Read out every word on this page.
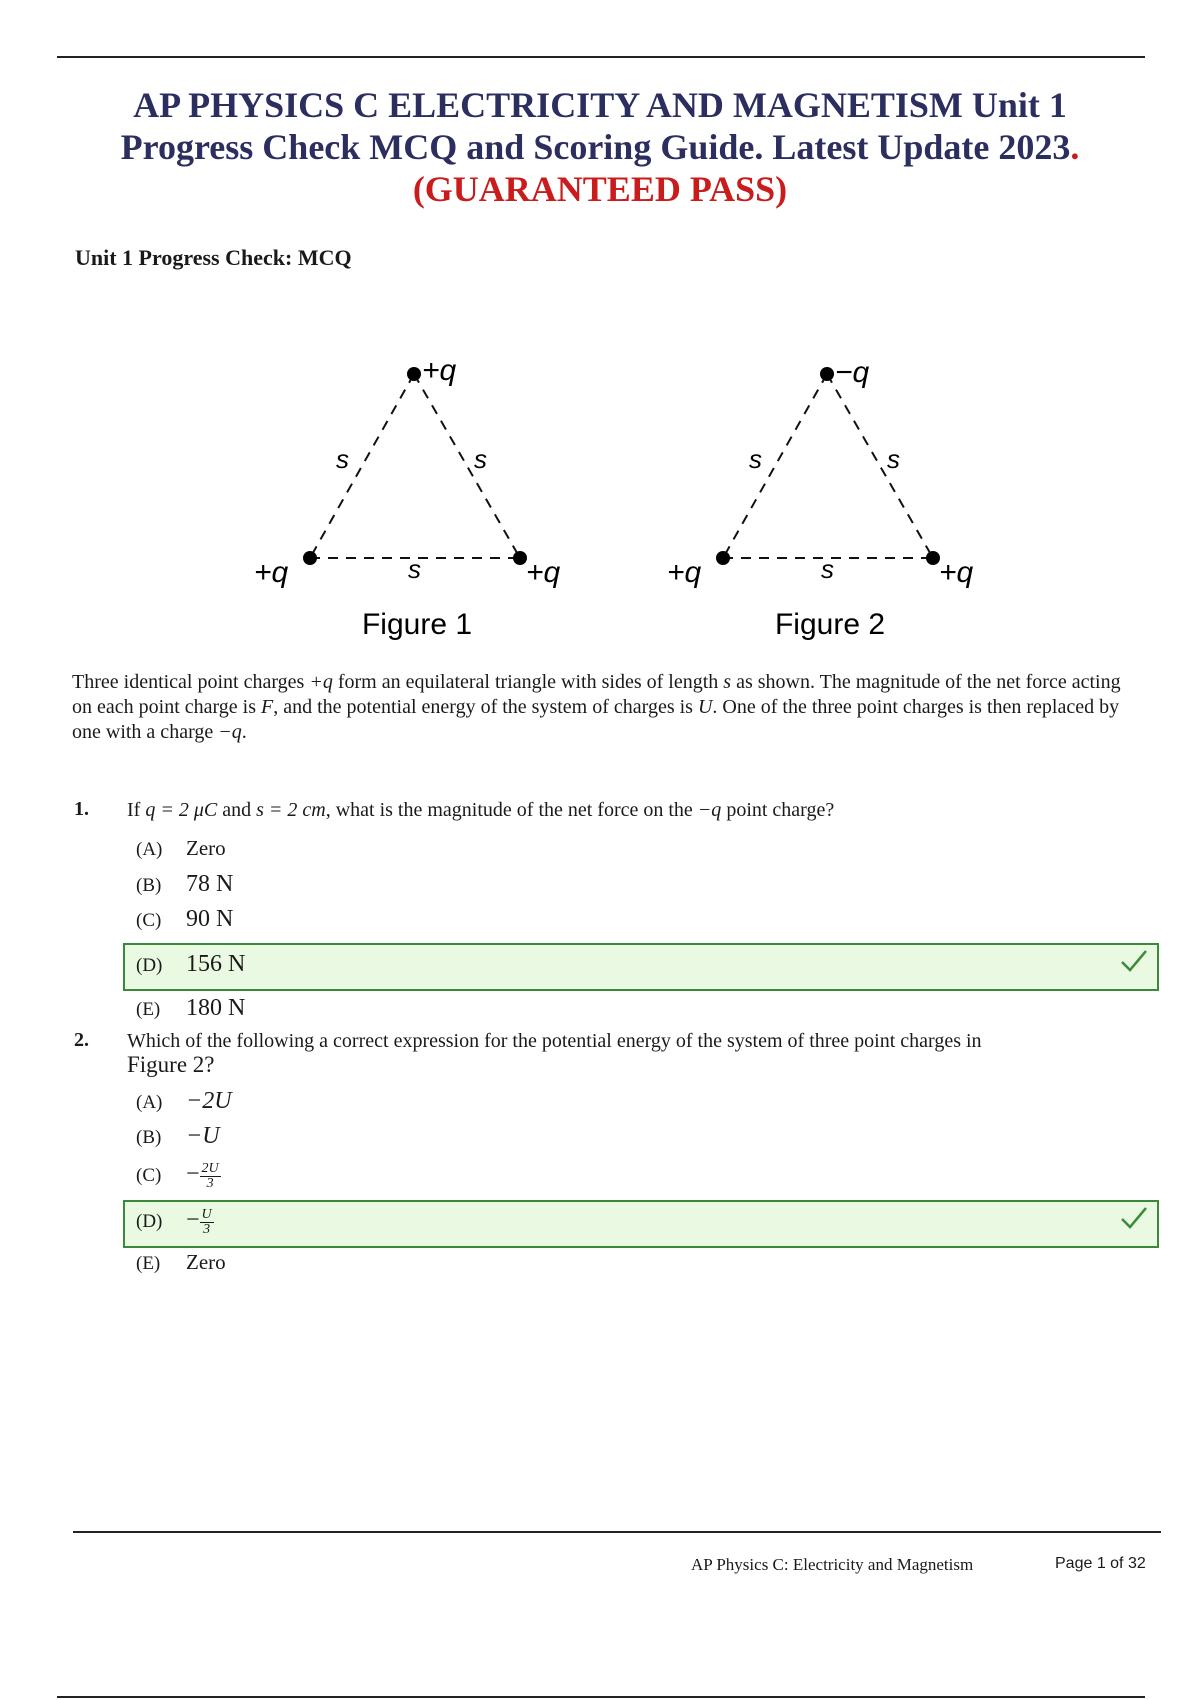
AP PHYSICS C ELECTRICITY AND MAGNETISM Unit 1
Progress Check MCQ and Scoring Guide. Latest Update 2023.
(GUARANTEED PASS)
Unit 1 Progress Check: MCQ
+q
+q	+q
s	s
s
Figure 1
−q
+q	+q
s	s
s
Figure 2
Three identical point charges +q form an equilateral triangle with sides of length s as shown. The magnitude of the net force acting on each point charge is F, and the potential energy of the system of charges is U. One of the three point charges is then replaced by one with a charge −q.
1. If q = 2 μC and s = 2 cm, what is the magnitude of the net force on the −q point charge?
(A) Zero
(B) 78 N
(C) 90 N
(D) 156 N
(E) 180 N
2. Which of the following a correct expression for the potential energy of the system of three point charges in
Figure 2?
(A) −2U
(B) −U
$(C) - \frac{2U}{3}$
$(D) - \frac{U}{3}$
(E) Zero
AP Physics C: Electricity and Magnetism	Page 1 of 32
